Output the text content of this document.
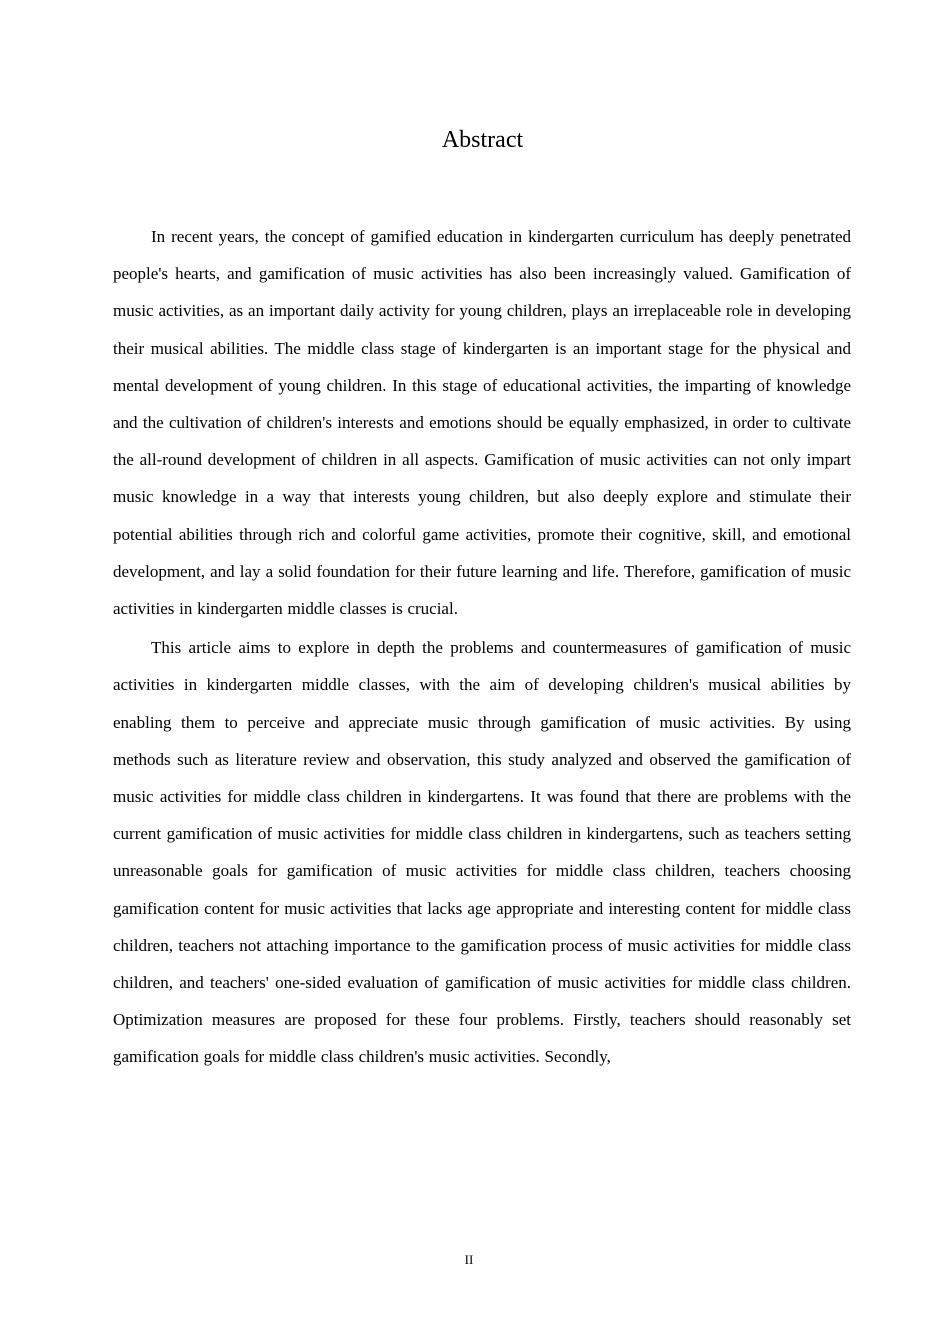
Abstract

In recent years, the concept of gamified education in kindergarten curriculum has deeply penetrated people's hearts, and gamification of music activities has also been increasingly valued. Gamification of music activities, as an important daily activity for young children, plays an irreplaceable role in developing their musical abilities. The middle class stage of kindergarten is an important stage for the physical and mental development of young children. In this stage of educational activities, the imparting of knowledge and the cultivation of children's interests and emotions should be equally emphasized, in order to cultivate the all-round development of children in all aspects. Gamification of music activities can not only impart music knowledge in a way that interests young children, but also deeply explore and stimulate their potential abilities through rich and colorful game activities, promote their cognitive, skill, and emotional development, and lay a solid foundation for their future learning and life. Therefore, gamification of music activities in kindergarten middle classes is crucial.

This article aims to explore in depth the problems and countermeasures of gamification of music activities in kindergarten middle classes, with the aim of developing children's musical abilities by enabling them to perceive and appreciate music through gamification of music activities. By using methods such as literature review and observation, this study analyzed and observed the gamification of music activities for middle class children in kindergartens. It was found that there are problems with the current gamification of music activities for middle class children in kindergartens, such as teachers setting unreasonable goals for gamification of music activities for middle class children, teachers choosing gamification content for music activities that lacks age appropriate and interesting content for middle class children, teachers not attaching importance to the gamification process of music activities for middle class children, and teachers' one-sided evaluation of gamification of music activities for middle class children. Optimization measures are proposed for these four problems. Firstly, teachers should reasonably set gamification goals for middle class children's music activities. Secondly,

II
